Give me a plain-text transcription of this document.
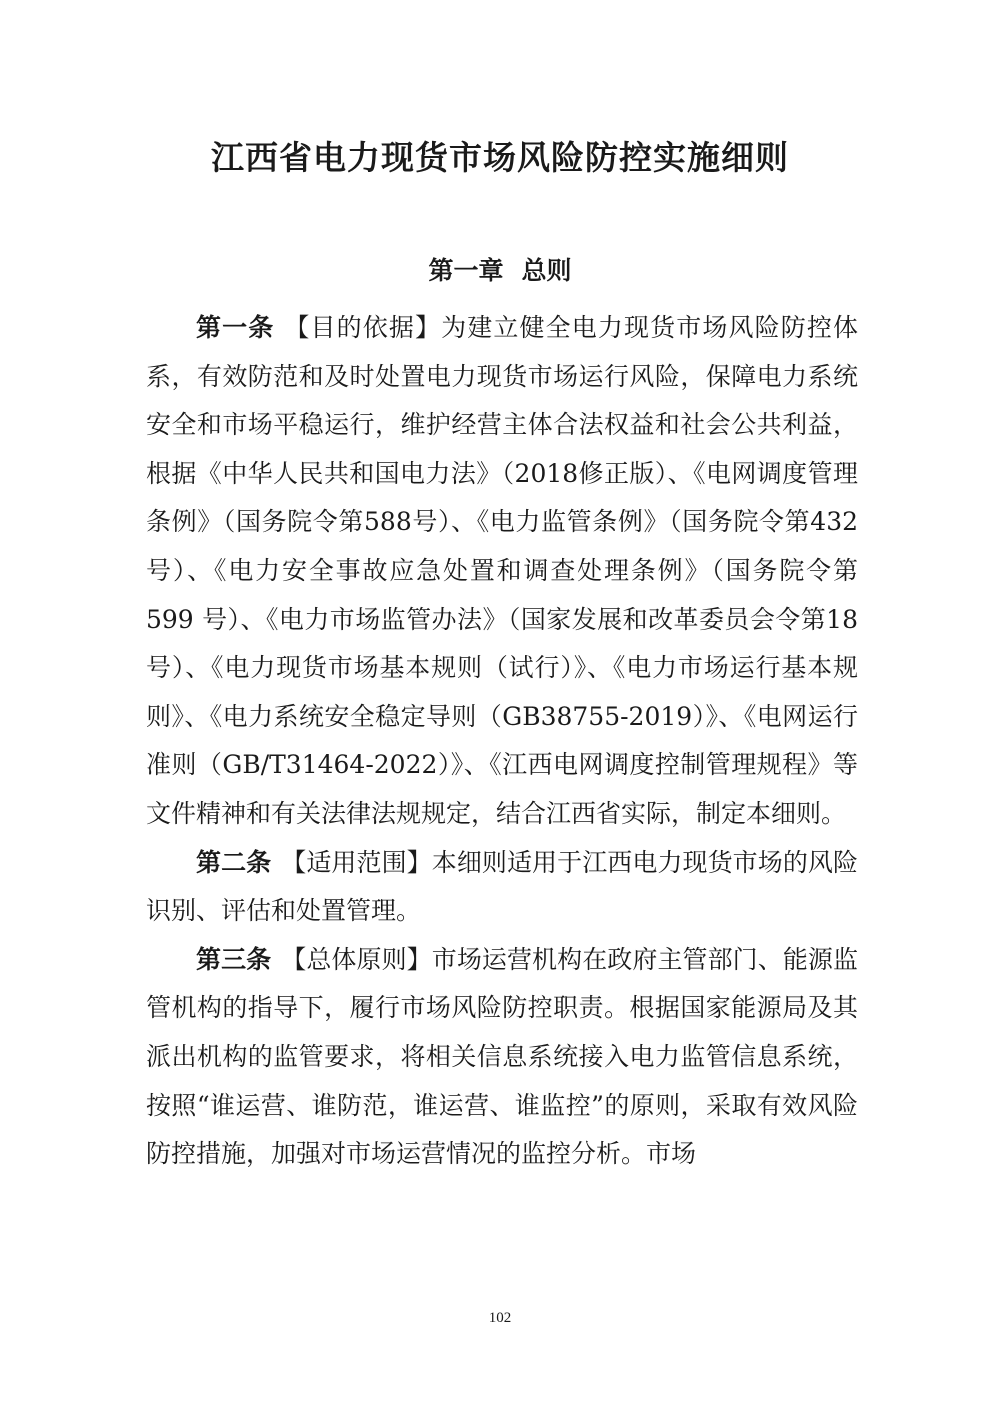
江西省电力现货市场风险防控实施细则
第一章 总则

第一条 【目的依据】为建立健全电力现货市场风险防控体系，有效防范和及时处置电力现货市场运行风险，保障电力系统安全和市场平稳运行，维护经营主体合法权益和社会公共利益，根据《中华人民共和国电力法》（2018修正版）、《电网调度管理条例》（国务院令第588号）、《电力监管条例》（国务院令第432号）、《电力安全事故应急处置和调查处理条例》（国务院令第 599 号）、《电力市场监管办法》（国家发展和改革委员会令第18号）、《电力现货市场基本规则（试行）》、《电力市场运行基本规则》、《电力系统安全稳定导则（GB38755-2019）》、《电网运行准则（GB/T31464-2022）》、《江西电网调度控制管理规程》等文件精神和有关法律法规规定，结合江西省实际，制定本细则。

第二条 【适用范围】本细则适用于江西电力现货市场的风险识别、评估和处置管理。

第三条 【总体原则】市场运营机构在政府主管部门、能源监管机构的指导下，履行市场风险防控职责。根据国家能源局及其派出机构的监管要求，将相关信息系统接入电力监管信息系统，按照“谁运营、谁防范，谁运营、谁监控”的原则，采取有效风险防控措施，加强对市场运营情况的监控分析。市场

102
